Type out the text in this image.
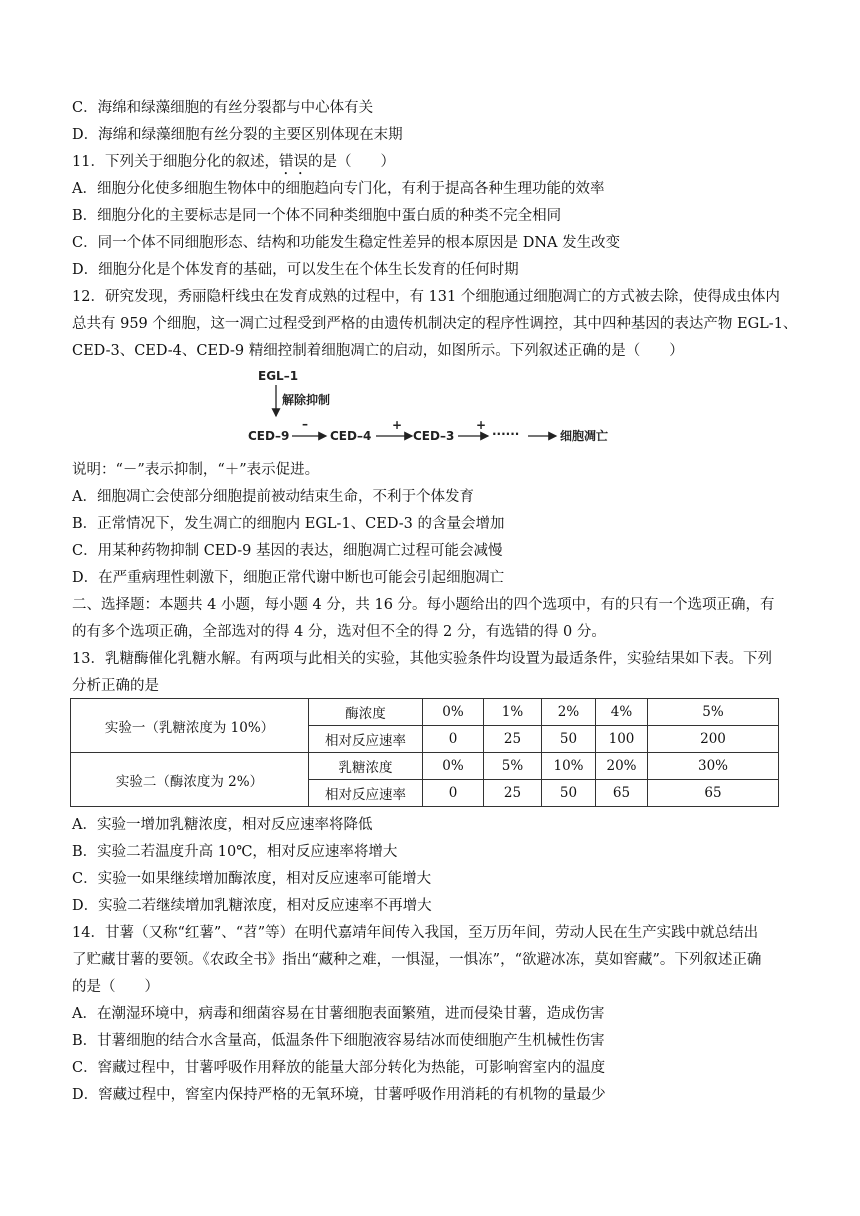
C．海绵和绿藻细胞的有丝分裂都与中心体有关
D．海绵和绿藻细胞有丝分裂的主要区别体现在末期
11．下列关于细胞分化的叙述，错误的是（　　）
A．细胞分化使多细胞生物体中的细胞趋向专门化，有利于提高各种生理功能的效率
B．细胞分化的主要标志是同一个体不同种类细胞中蛋白质的种类不完全相同
C．同一个体不同细胞形态、结构和功能发生稳定性差异的根本原因是 DNA 发生改变
D．细胞分化是个体发育的基础，可以发生在个体生长发育的任何时期
12．研究发现，秀丽隐杆线虫在发育成熟的过程中，有 131 个细胞通过细胞凋亡的方式被去除，使得成虫体内
总共有 959 个细胞，这一凋亡过程受到严格的由遗传机制决定的程序性调控，其中四种基因的表达产物 EGL-1、
CED-3、CED-4、CED-9 精细控制着细胞凋亡的启动，如图所示。下列叙述正确的是（　　）
EGL–1
解除抑制
CED–9
–
CED–4
+
CED–3
+
······	细胞凋亡
说明：“－”表示抑制，“＋”表示促进。
A．细胞凋亡会使部分细胞提前被动结束生命，不利于个体发育
B．正常情况下，发生凋亡的细胞内 EGL-1、CED-3 的含量会增加
C．用某种药物抑制 CED-9 基因的表达，细胞凋亡过程可能会减慢
D．在严重病理性刺激下，细胞正常代谢中断也可能会引起细胞凋亡
二、选择题：本题共 4 小题，每小题 4 分，共 16 分。每小题给出的四个选项中，有的只有一个选项正确，有
的有多个选项正确，全部选对的得 4 分，选对但不全的得 2 分，有选错的得 0 分。
13．乳糖酶催化乳糖水解。有两项与此相关的实验，其他实验条件均设置为最适条件，实验结果如下表。下列
分析正确的是
实验一（乳糖浓度为 10%）	酶浓度	0%	1%	2%	4%	5%
	相对反应速率	0	25	50	100	200
实验二（酶浓度为 2%）	乳糖浓度	0%	5%	10%	20%	30%
	相对反应速率	0	25	50	65	65
A．实验一增加乳糖浓度，相对反应速率将降低
B．实验二若温度升高 10℃，相对反应速率将增大
C．实验一如果继续增加酶浓度，相对反应速率可能增大
D．实验二若继续增加乳糖浓度，相对反应速率不再增大
14．甘薯（又称“红薯”、“苕”等）在明代嘉靖年间传入我国，至万历年间，劳动人民在生产实践中就总结出
了贮藏甘薯的要领。《农政全书》指出“藏种之难，一惧湿，一惧冻”，“欲避冰冻，莫如窖藏”。下列叙述正确
的是（　　）
A．在潮湿环境中，病毒和细菌容易在甘薯细胞表面繁殖，进而侵染甘薯，造成伤害
B．甘薯细胞的结合水含量高，低温条件下细胞液容易结冰而使细胞产生机械性伤害
C．窖藏过程中，甘薯呼吸作用释放的能量大部分转化为热能，可影响窖室内的温度
D．窖藏过程中，窖室内保持严格的无氧环境，甘薯呼吸作用消耗的有机物的量最少
